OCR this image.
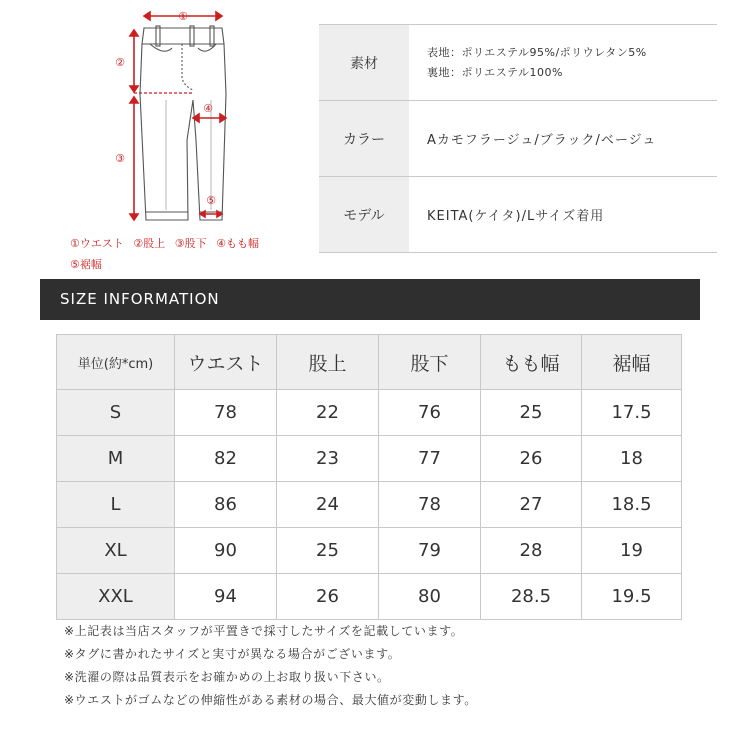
①
②
③
④
⑤
①ウエスト ②股上 ③股下 ④もも幅
⑤裾幅
素材	表地：ポリエステル95%/ポリウレタン5%
裏地：ポリエステル100%

カラー	Aカモフラージュ/ブラック/ベージュ
モデル	KEITA(ケイタ)/Lサイズ着用
SIZE INFORMATION
単位(約*cm)	ウエスト	股上	股下	もも幅	裾幅
S	78	22	76	25	17.5
M	82	23	77	26	18
L	86	24	78	27	18.5
XL	90	25	79	28	19
XXL	94	26	80	28.5	19.5
※上記表は当店スタッフが平置きで採寸したサイズを記載しています。
※タグに書かれたサイズと実寸が異なる場合がございます。
※洗濯の際は品質表示をお確かめの上お取り扱い下さい。
※ウエストがゴムなどの伸縮性がある素材の場合、最大値が変動します。
